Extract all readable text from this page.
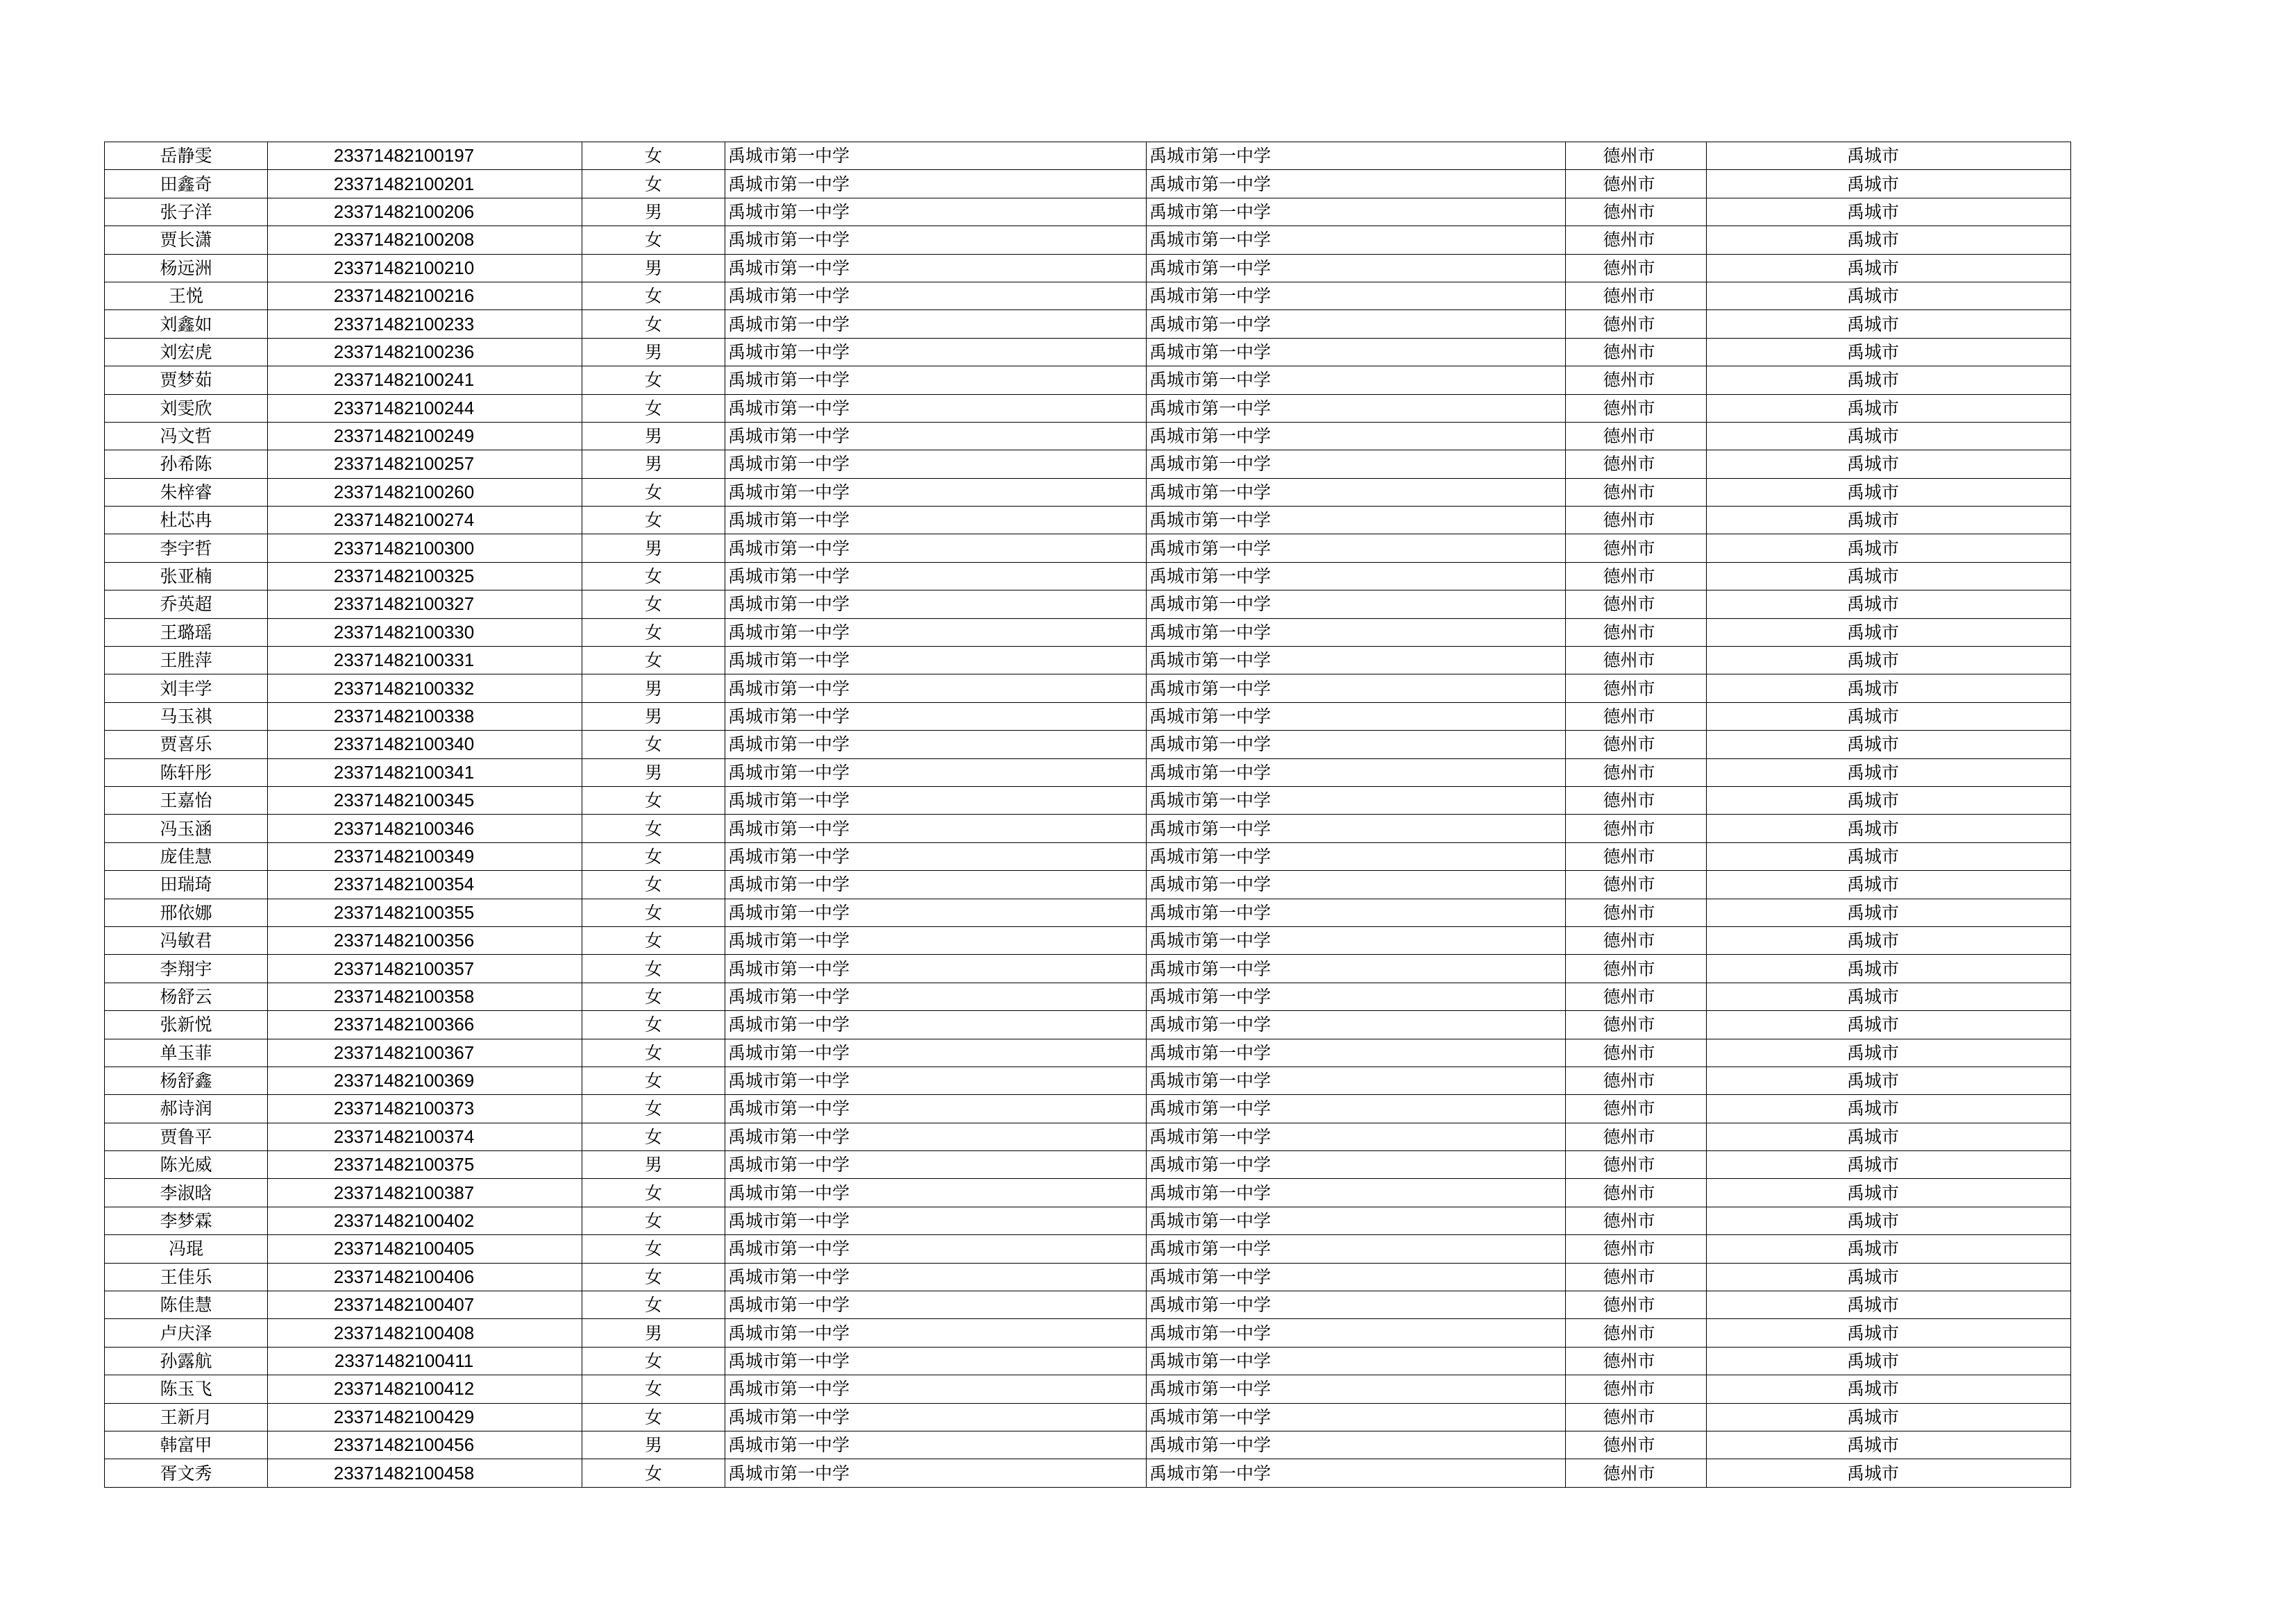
岳静雯	23371482100197	女	禹城市第一中学	禹城市第一中学	德州市	禹城市
田鑫奇	23371482100201	女	禹城市第一中学	禹城市第一中学	德州市	禹城市
张子洋	23371482100206	男	禹城市第一中学	禹城市第一中学	德州市	禹城市
贾长潇	23371482100208	女	禹城市第一中学	禹城市第一中学	德州市	禹城市
杨远洲	23371482100210	男	禹城市第一中学	禹城市第一中学	德州市	禹城市
王悦	23371482100216	女	禹城市第一中学	禹城市第一中学	德州市	禹城市
刘鑫如	23371482100233	女	禹城市第一中学	禹城市第一中学	德州市	禹城市
刘宏虎	23371482100236	男	禹城市第一中学	禹城市第一中学	德州市	禹城市
贾梦茹	23371482100241	女	禹城市第一中学	禹城市第一中学	德州市	禹城市
刘雯欣	23371482100244	女	禹城市第一中学	禹城市第一中学	德州市	禹城市
冯文哲	23371482100249	男	禹城市第一中学	禹城市第一中学	德州市	禹城市
孙希陈	23371482100257	男	禹城市第一中学	禹城市第一中学	德州市	禹城市
朱梓睿	23371482100260	女	禹城市第一中学	禹城市第一中学	德州市	禹城市
杜芯冉	23371482100274	女	禹城市第一中学	禹城市第一中学	德州市	禹城市
李宇哲	23371482100300	男	禹城市第一中学	禹城市第一中学	德州市	禹城市
张亚楠	23371482100325	女	禹城市第一中学	禹城市第一中学	德州市	禹城市
乔英超	23371482100327	女	禹城市第一中学	禹城市第一中学	德州市	禹城市
王璐瑶	23371482100330	女	禹城市第一中学	禹城市第一中学	德州市	禹城市
王胜萍	23371482100331	女	禹城市第一中学	禹城市第一中学	德州市	禹城市
刘丰学	23371482100332	男	禹城市第一中学	禹城市第一中学	德州市	禹城市
马玉祺	23371482100338	男	禹城市第一中学	禹城市第一中学	德州市	禹城市
贾喜乐	23371482100340	女	禹城市第一中学	禹城市第一中学	德州市	禹城市
陈轩彤	23371482100341	男	禹城市第一中学	禹城市第一中学	德州市	禹城市
王嘉怡	23371482100345	女	禹城市第一中学	禹城市第一中学	德州市	禹城市
冯玉涵	23371482100346	女	禹城市第一中学	禹城市第一中学	德州市	禹城市
庞佳慧	23371482100349	女	禹城市第一中学	禹城市第一中学	德州市	禹城市
田瑞琦	23371482100354	女	禹城市第一中学	禹城市第一中学	德州市	禹城市
邢依娜	23371482100355	女	禹城市第一中学	禹城市第一中学	德州市	禹城市
冯敏君	23371482100356	女	禹城市第一中学	禹城市第一中学	德州市	禹城市
李翔宇	23371482100357	女	禹城市第一中学	禹城市第一中学	德州市	禹城市
杨舒云	23371482100358	女	禹城市第一中学	禹城市第一中学	德州市	禹城市
张新悦	23371482100366	女	禹城市第一中学	禹城市第一中学	德州市	禹城市
单玉菲	23371482100367	女	禹城市第一中学	禹城市第一中学	德州市	禹城市
杨舒鑫	23371482100369	女	禹城市第一中学	禹城市第一中学	德州市	禹城市
郝诗润	23371482100373	女	禹城市第一中学	禹城市第一中学	德州市	禹城市
贾鲁平	23371482100374	女	禹城市第一中学	禹城市第一中学	德州市	禹城市
陈光威	23371482100375	男	禹城市第一中学	禹城市第一中学	德州市	禹城市
李淑晗	23371482100387	女	禹城市第一中学	禹城市第一中学	德州市	禹城市
李梦霖	23371482100402	女	禹城市第一中学	禹城市第一中学	德州市	禹城市
冯琨	23371482100405	女	禹城市第一中学	禹城市第一中学	德州市	禹城市
王佳乐	23371482100406	女	禹城市第一中学	禹城市第一中学	德州市	禹城市
陈佳慧	23371482100407	女	禹城市第一中学	禹城市第一中学	德州市	禹城市
卢庆泽	23371482100408	男	禹城市第一中学	禹城市第一中学	德州市	禹城市
孙露航	23371482100411	女	禹城市第一中学	禹城市第一中学	德州市	禹城市
陈玉飞	23371482100412	女	禹城市第一中学	禹城市第一中学	德州市	禹城市
王新月	23371482100429	女	禹城市第一中学	禹城市第一中学	德州市	禹城市
韩富甲	23371482100456	男	禹城市第一中学	禹城市第一中学	德州市	禹城市
胥文秀	23371482100458	女	禹城市第一中学	禹城市第一中学	德州市	禹城市
